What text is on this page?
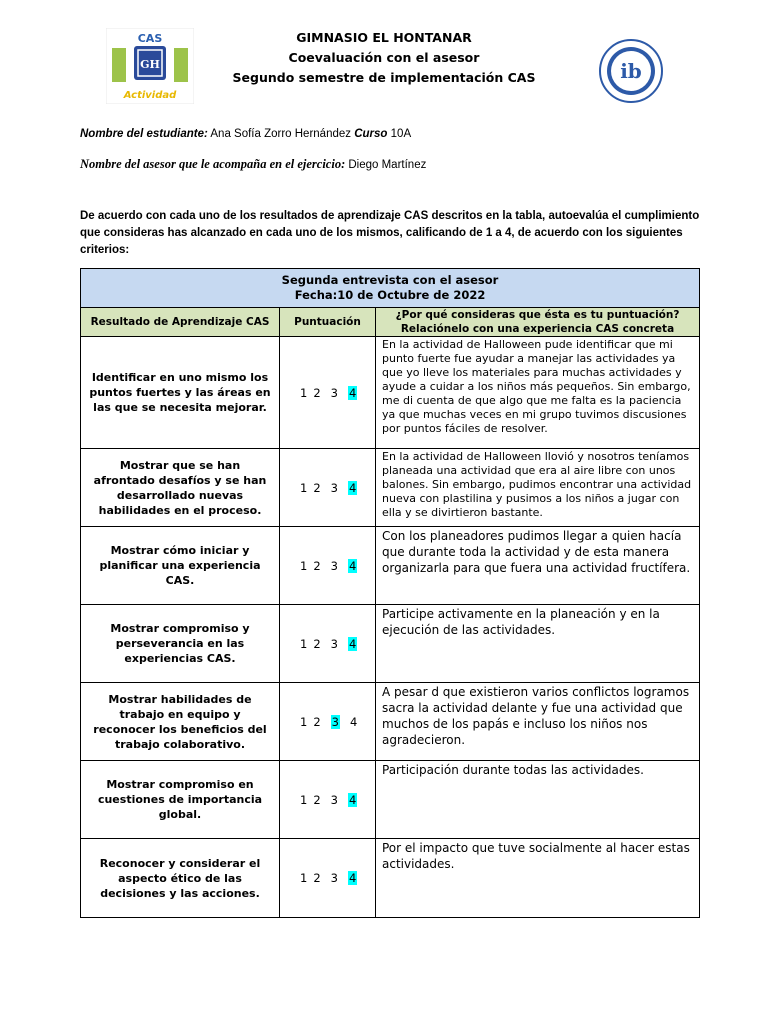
CAS
GH
Actividad
ib
GIMNASIO EL HONTANAR
Coevaluación con el asesor
Segundo semestre de implementación CAS
Nombre del estudiante: Ana Sofía Zorro Hernández Curso 10A
Nombre del asesor que le acompaña en el ejercicio: Diego Martínez
De acuerdo con cada uno de los resultados de aprendizaje CAS descritos en la tabla, autoevalúa el cumplimiento que consideras has alcanzado en cada uno de los mismos, calificando de 1 a 4, de acuerdo con los siguientes criterios:
Segunda entrevista con el asesor
Fecha:10 de Octubre de 2022		

Resultado de Aprendizaje CAS	Puntuación	¿Por qué consideras que ésta es tu puntuación? Relaciónelo con una experiencia CAS concreta
Identificar en uno mismo los puntos fuertes y las áreas en las que se necesita mejorar.	1 2 3 4	En la actividad de Halloween pude identificar que mi punto fuerte fue ayudar a manejar las actividades ya que yo lleve los materiales para muchas actividades y ayude a cuidar a los niños más pequeños. Sin embargo, me di cuenta de que algo que me falta es la paciencia ya que muchas veces en mi grupo tuvimos discusiones por puntos fáciles de resolver.
Mostrar que se han afrontado desafíos y se han desarrollado nuevas habilidades en el proceso.	1 2 3 4	En la actividad de Halloween llovió y nosotros teníamos planeada una actividad que era al aire libre con unos balones. Sin embargo, pudimos encontrar una actividad nueva con plastilina y pusimos a los niños a jugar con ella y se divirtieron bastante.
Mostrar cómo iniciar y planificar una experiencia CAS.	1 2 3 4	Con los planeadores pudimos llegar a quien hacía que durante toda la actividad y de esta manera organizarla para que fuera una actividad fructífera.
Mostrar compromiso y perseverancia en las experiencias CAS.	1 2 3 4	Participe activamente en la planeación y en la ejecución de las actividades.
Mostrar habilidades de trabajo en equipo y reconocer los beneficios del trabajo colaborativo.	1 2 3 4	A pesar d que existieron varios conflictos logramos sacra la actividad delante y fue una actividad que muchos de los papás e incluso los niños nos agradecieron.
Mostrar compromiso en cuestiones de importancia global.	1 2 3 4	Participación durante todas las actividades.
Reconocer y considerar el aspecto ético de las decisiones y las acciones.	1 2 3 4	Por el impacto que tuve socialmente al hacer estas actividades.
